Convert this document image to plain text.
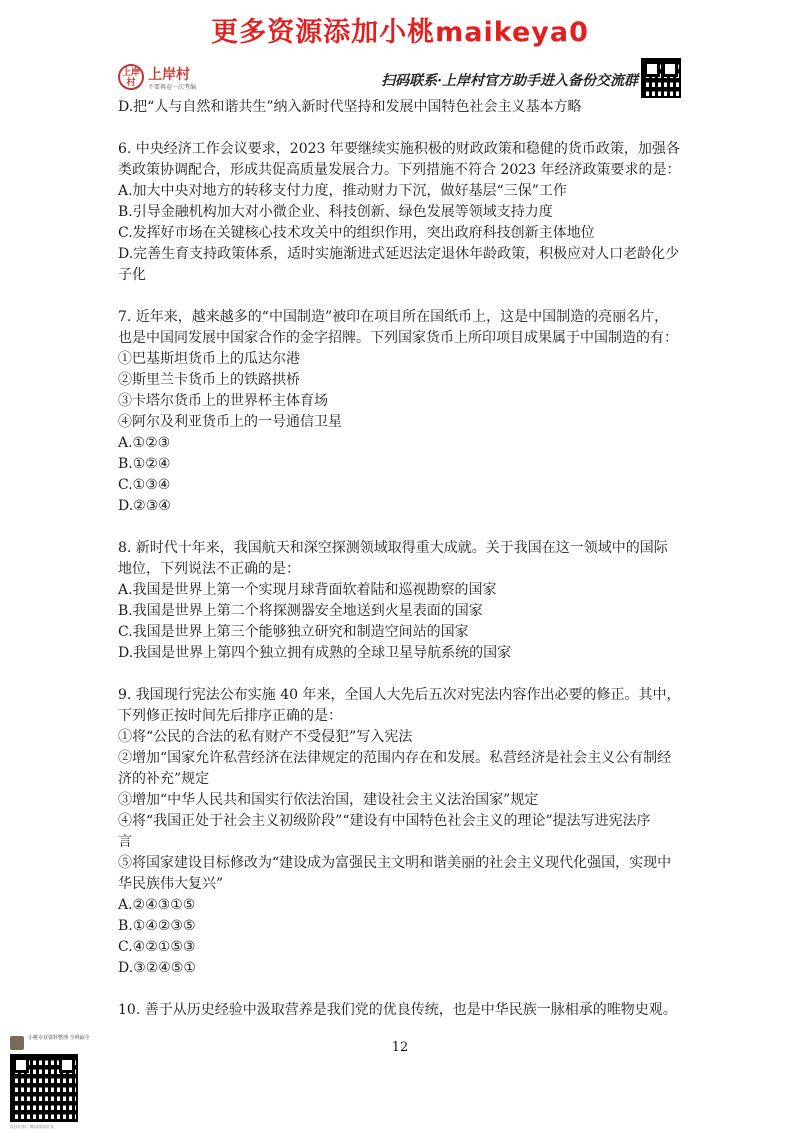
更多资源添加小桃maikeya0
上岸村 上岸村
不要再卷一次考编	扫码联系·上岸村官方助手进入备份交流群
D.把“人与自然和谐共生”纳入新时代坚持和发展中国特色社会主义基本方略
6. 中央经济工作会议要求，2023 年要继续实施积极的财政政策和稳健的货币政策，加强各
类政策协调配合，形成共促高质量发展合力。下列措施不符合 2023 年经济政策要求的是：
A.加大中央对地方的转移支付力度，推动财力下沉，做好基层“三保”工作
B.引导金融机构加大对小微企业、科技创新、绿色发展等领域支持力度
C.发挥好市场在关键核心技术攻关中的组织作用，突出政府科技创新主体地位
D.完善生育支持政策体系，适时实施渐进式延迟法定退休年龄政策，积极应对人口老龄化少
子化
7. 近年来，越来越多的“中国制造”被印在项目所在国纸币上，这是中国制造的亮丽名片，
也是中国同发展中国家合作的金字招牌。下列国家货币上所印项目成果属于中国制造的有：
①巴基斯坦货币上的瓜达尔港
②斯里兰卡货币上的铁路拱桥
③卡塔尔货币上的世界杯主体育场
④阿尔及利亚货币上的一号通信卫星
A.①②③
B.①②④
C.①③④
D.②③④
8. 新时代十年来，我国航天和深空探测领域取得重大成就。关于我国在这一领域中的国际
地位，下列说法不正确的是：
A.我国是世界上第一个实现月球背面软着陆和巡视勘察的国家
B.我国是世界上第二个将探测器安全地送到火星表面的国家
C.我国是世界上第三个能够独立研究和制造空间站的国家
D.我国是世界上第四个独立拥有成熟的全球卫星导航系统的国家
9. 我国现行宪法公布实施 40 年来，全国人大先后五次对宪法内容作出必要的修正。其中，
下列修正按时间先后排序正确的是：
①将“公民的合法的私有财产不受侵犯”写入宪法
②增加“国家允许私营经济在法律规定的范围内存在和发展。私营经济是社会主义公有制经
济的补充”规定
③增加“中华人民共和国实行依法治国，建设社会主义法治国家”规定
④将“我国正处于社会主义初级阶段”“建设有中国特色社会主义的理论”提法写进宪法序
言
⑤将国家建设目标修改为“建设成为富强民主文明和谐美丽的社会主义现代化强国，实现中
华民族伟大复兴”
A.②④③①⑤
B.①④②③⑤
C.④②①⑤③
D.③②④⑤①
10. 善于从历史经验中汲取营养是我们党的优良传统，也是中华民族一脉相承的唯物史观。
12
小桃专业资料整理 全网最全
长按识别二维码添加好友
